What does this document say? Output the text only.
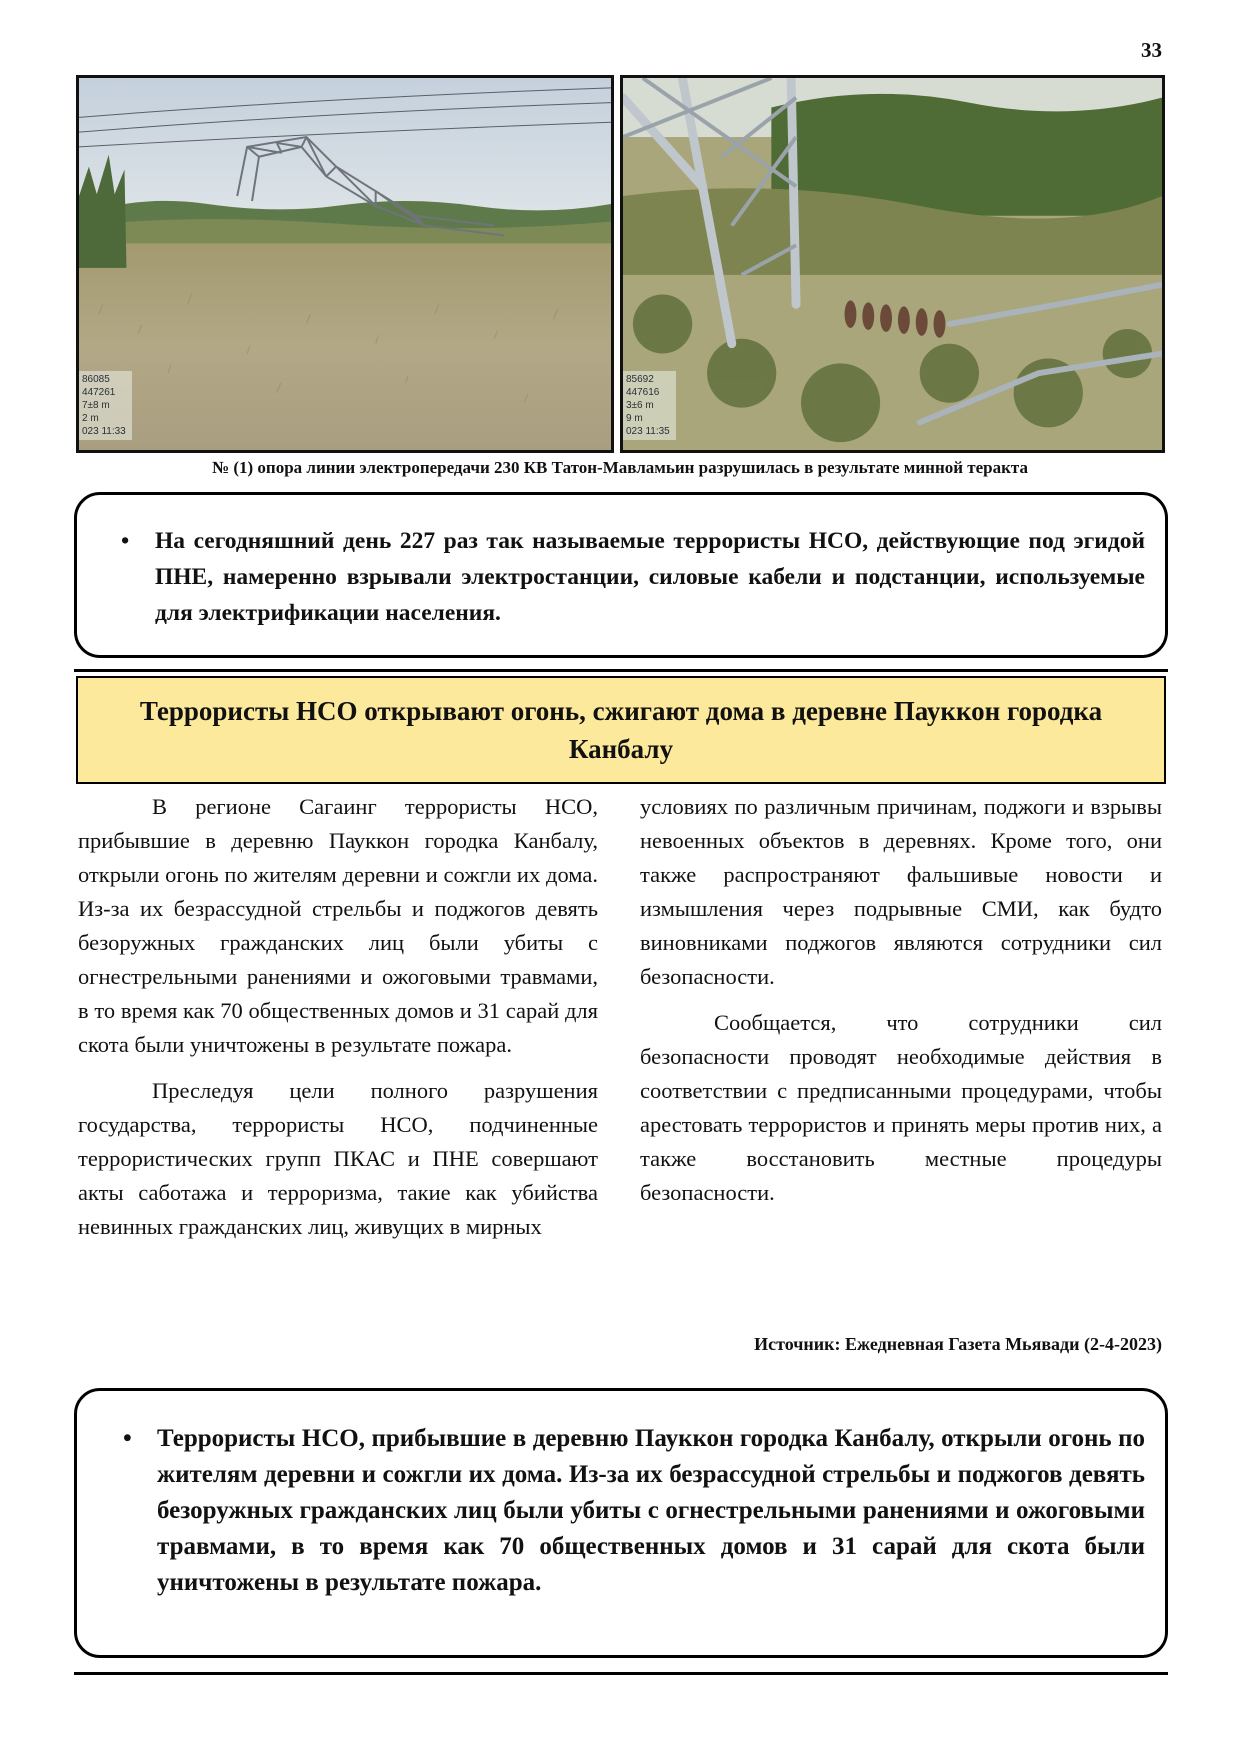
33
86085
447261
7±8 m
2 m
023 11:33
85692
447616
3±6 m
9 m
023 11:35
№ (1) опора линии электропередачи 230 КВ Татон-Мавламьин разрушилась в результате минной теракта
• На сегодняшний день 227 раз так называемые террористы НСО, действующие под эгидой ПНЕ, намеренно взрывали электростанции, силовые кабели и подстанции, используемые для электрификации населения.
Террористы НСО открывают огонь, сжигают дома в деревне Пауккон городка Канбалу

В регионе Сагаинг террористы НСО, прибывшие в деревню Пауккон городка Канбалу, открыли огонь по жителям деревни и сожгли их дома. Из-за их безрассудной стрельбы и поджогов девять безоружных гражданских лиц были убиты с огнестрельными ранениями и ожоговыми травмами, в то время как 70 общественных домов и 31 сарай для скота были уничтожены в результате пожара.

Преследуя цели полного разрушения государства, террористы НСО, подчиненные террористических групп ПКАС и ПНЕ совершают акты саботажа и терроризма, такие как убийства невинных гражданских лиц, живущих в мирных

условиях по различным причинам, поджоги и взрывы невоенных объектов в деревнях. Кроме того, они также распространяют фальшивые новости и измышления через подрывные СМИ, как будто виновниками поджогов являются сотрудники сил безопасности.

Сообщается, что сотрудники сил безопасности проводят необходимые действия в соответствии с предписанными процедурами, чтобы арестовать террористов и принять меры против них, а также восстановить местные процедуры безопасности.

Источник: Ежедневная Газета Мьявади (2-4-2023)
• Террористы НСО, прибывшие в деревню Пауккон городка Канбалу, открыли огонь по жителям деревни и сожгли их дома. Из-за их безрассудной стрельбы и поджогов девять безоружных гражданских лиц были убиты с огнестрельными ранениями и ожоговыми травмами, в то время как 70 общественных домов и 31 сарай для скота были уничтожены в результате пожара.
